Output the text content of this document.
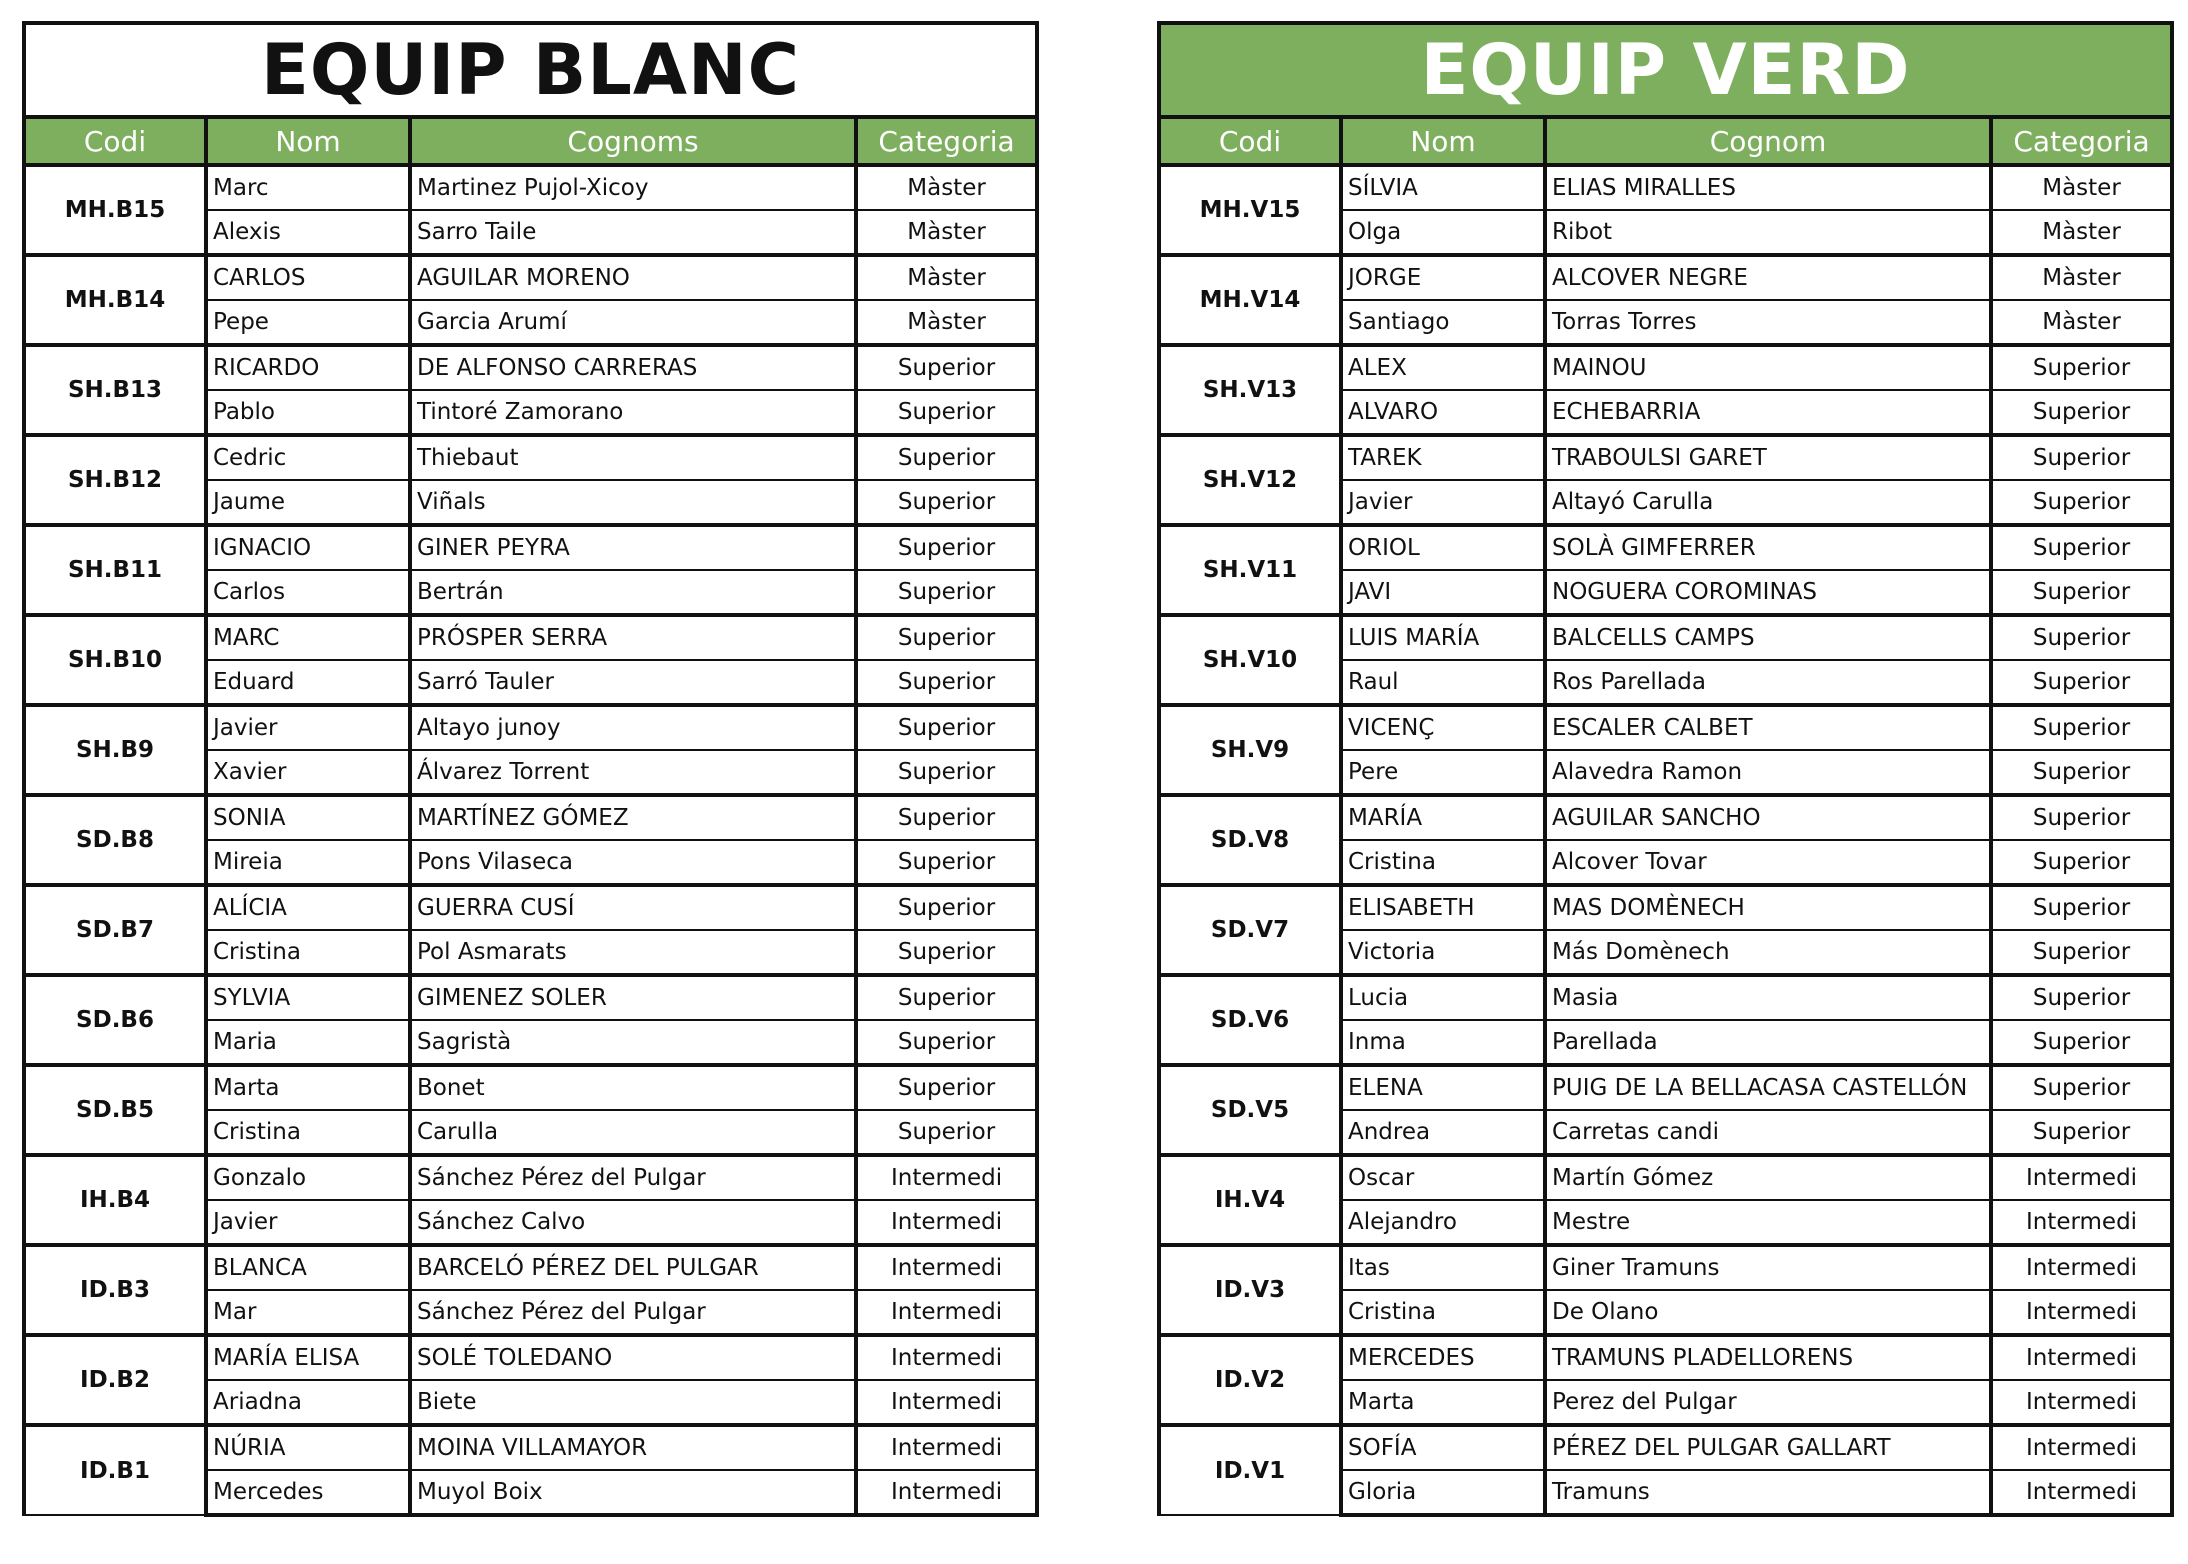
EQUIP BLANC			
Codi	Nom	Cognoms	Categoria
MH.B15	Marc	Martinez Pujol-Xicoy	Màster
	Alexis	Sarro Taile	Màster
MH.B14	CARLOS	AGUILAR MORENO	Màster
	Pepe	Garcia Arumí	Màster
SH.B13	RICARDO	DE ALFONSO CARRERAS	Superior
	Pablo	Tintoré Zamorano	Superior
SH.B12	Cedric	Thiebaut	Superior
	Jaume	Viñals	Superior
SH.B11	IGNACIO	GINER PEYRA	Superior
	Carlos	Bertrán	Superior
SH.B10	MARC	PRÓSPER SERRA	Superior
	Eduard	Sarró Tauler	Superior
SH.B9	Javier	Altayo junoy	Superior
	Xavier	Álvarez Torrent	Superior
SD.B8	SONIA	MARTÍNEZ GÓMEZ	Superior
	Mireia	Pons Vilaseca	Superior
SD.B7	ALÍCIA	GUERRA CUSÍ	Superior
	Cristina	Pol Asmarats	Superior
SD.B6	SYLVIA	GIMENEZ SOLER	Superior
	Maria	Sagristà	Superior
SD.B5	Marta	Bonet	Superior
	Cristina	Carulla	Superior
IH.B4	Gonzalo	Sánchez Pérez del Pulgar	Intermedi
	Javier	Sánchez Calvo	Intermedi
ID.B3	BLANCA	BARCELÓ PÉREZ DEL PULGAR	Intermedi
	Mar	Sánchez Pérez del Pulgar	Intermedi
ID.B2	MARÍA ELISA	SOLÉ TOLEDANO	Intermedi
	Ariadna	Biete	Intermedi
ID.B1	NÚRIA	MOINA VILLAMAYOR	Intermedi
	Mercedes	Muyol Boix	Intermedi
EQUIP VERD			
Codi	Nom	Cognom	Categoria
MH.V15	SÍLVIA	ELIAS MIRALLES	Màster
	Olga	Ribot	Màster
MH.V14	JORGE	ALCOVER NEGRE	Màster
	Santiago	Torras Torres	Màster
SH.V13	ALEX	MAINOU	Superior
	ALVARO	ECHEBARRIA	Superior
SH.V12	TAREK	TRABOULSI GARET	Superior
	Javier	Altayó Carulla	Superior
SH.V11	ORIOL	SOLÀ GIMFERRER	Superior
	JAVI	NOGUERA COROMINAS	Superior
SH.V10	LUIS MARÍA	BALCELLS CAMPS	Superior
	Raul	Ros Parellada	Superior
SH.V9	VICENÇ	ESCALER CALBET	Superior
	Pere	Alavedra Ramon	Superior
SD.V8	MARÍA	AGUILAR SANCHO	Superior
	Cristina	Alcover Tovar	Superior
SD.V7	ELISABETH	MAS DOMÈNECH	Superior
	Victoria	Más Domènech	Superior
SD.V6	Lucia	Masia	Superior
	Inma	Parellada	Superior
SD.V5	ELENA	PUIG DE LA BELLACASA CASTELLÓN	Superior
	Andrea	Carretas candi	Superior
IH.V4	Oscar	Martín Gómez	Intermedi
	Alejandro	Mestre	Intermedi
ID.V3	Itas	Giner Tramuns	Intermedi
	Cristina	De Olano	Intermedi
ID.V2	MERCEDES	TRAMUNS PLADELLORENS	Intermedi
	Marta	Perez del Pulgar	Intermedi
ID.V1	SOFÍA	PÉREZ DEL PULGAR GALLART	Intermedi
	Gloria	Tramuns	Intermedi
